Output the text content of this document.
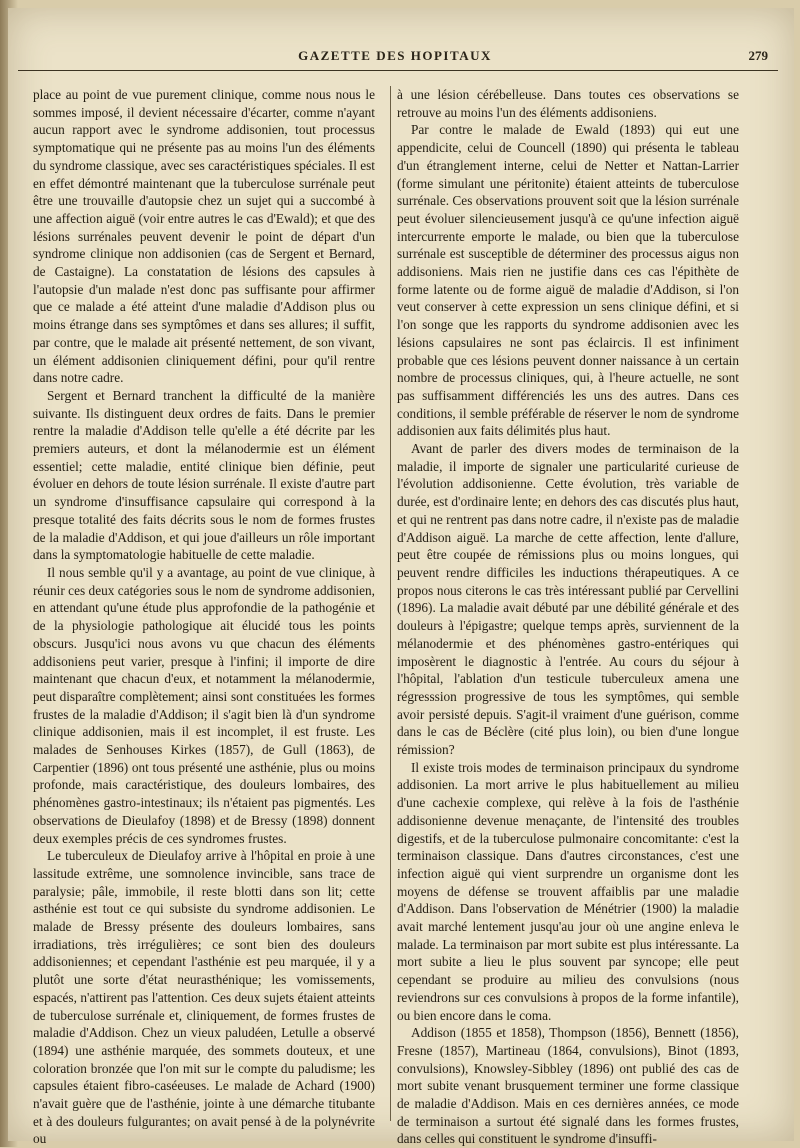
GAZETTE DES HOPITAUX	279

place au point de vue purement clinique, comme nous nous le sommes imposé, il devient nécessaire d'écarter, comme n'ayant aucun rapport avec le syndrome addisonien, tout processus symptomatique qui ne présente pas au moins l'un des éléments du syndrome classique, avec ses caractéristiques spéciales. Il est en effet démontré maintenant que la tuberculose surrénale peut être une trouvaille d'autopsie chez un sujet qui a succombé à une affection aiguë (voir entre autres le cas d'Ewald); et que des lésions surrénales peuvent devenir le point de départ d'un syndrome clinique non addisonien (cas de Sergent et Bernard, de Castaigne). La constatation de lésions des capsules à l'autopsie d'un malade n'est donc pas suffisante pour affirmer que ce malade a été atteint d'une maladie d'Addison plus ou moins étrange dans ses symptômes et dans ses allures; il suffit, par contre, que le malade ait présenté nettement, de son vivant, un élément addisonien cliniquement défini, pour qu'il rentre dans notre cadre.

Sergent et Bernard tranchent la difficulté de la manière suivante. Ils distinguent deux ordres de faits. Dans le premier rentre la maladie d'Addison telle qu'elle a été décrite par les premiers auteurs, et dont la mélanodermie est un élément essentiel; cette maladie, entité clinique bien définie, peut évoluer en dehors de toute lésion surrénale. Il existe d'autre part un syndrome d'insuffisance capsulaire qui correspond à la presque totalité des faits décrits sous le nom de formes frustes de la maladie d'Addison, et qui joue d'ailleurs un rôle important dans la symptomatologie habituelle de cette maladie.

Il nous semble qu'il y a avantage, au point de vue clinique, à réunir ces deux catégories sous le nom de syndrome addisonien, en attendant qu'une étude plus approfondie de la pathogénie et de la physiologie pathologique ait élucidé tous les points obscurs. Jusqu'ici nous avons vu que chacun des éléments addisoniens peut varier, presque à l'infini; il importe de dire maintenant que chacun d'eux, et notamment la mélanodermie, peut disparaître complètement; ainsi sont constituées les formes frustes de la maladie d'Addison; il s'agit bien là d'un syndrome clinique addisonien, mais il est incomplet, il est fruste. Les malades de Senhouses Kirkes (1857), de Gull (1863), de Carpentier (1896) ont tous présenté une asthénie, plus ou moins profonde, mais caractéristique, des douleurs lombaires, des phénomènes gastro-intestinaux; ils n'étaient pas pigmentés. Les observations de Dieulafoy (1898) et de Bressy (1898) donnent deux exemples précis de ces syndromes frustes.

Le tuberculeux de Dieulafoy arrive à l'hôpital en proie à une lassitude extrême, une somnolence invincible, sans trace de paralysie; pâle, immobile, il reste blotti dans son lit; cette asthénie est tout ce qui subsiste du syndrome addisonien. Le malade de Bressy présente des douleurs lombaires, sans irradiations, très irrégulières; ce sont bien des douleurs addisoniennes; et cependant l'asthénie est peu marquée, il y a plutôt une sorte d'état neurasthénique; les vomissements, espacés, n'attirent pas l'attention. Ces deux sujets étaient atteints de tuberculose surrénale et, cliniquement, de formes frustes de maladie d'Addison. Chez un vieux paludéen, Letulle a observé (1894) une asthénie marquée, des sommets douteux, et une coloration bronzée que l'on mit sur le compte du paludisme; les capsules étaient fibro-caséeuses. Le malade de Achard (1900) n'avait guère que de l'asthénie, jointe à une démarche titubante et à des douleurs fulgurantes; on avait pensé à de la polynévrite ou

à une lésion cérébelleuse. Dans toutes ces observations se retrouve au moins l'un des éléments addisoniens.

Par contre le malade de Ewald (1893) qui eut une appendicite, celui de Councell (1890) qui présenta le tableau d'un étranglement interne, celui de Netter et Nattan-Larrier (forme simulant une péritonite) étaient atteints de tuberculose surrénale. Ces observations prouvent soit que la lésion surrénale peut évoluer silencieusement jusqu'à ce qu'une infection aiguë intercurrente emporte le malade, ou bien que la tuberculose surrénale est susceptible de déterminer des processus aigus non addisoniens. Mais rien ne justifie dans ces cas l'épithète de forme latente ou de forme aiguë de maladie d'Addison, si l'on veut conserver à cette expression un sens clinique défini, et si l'on songe que les rapports du syndrome addisonien avec les lésions capsulaires ne sont pas éclaircis. Il est infiniment probable que ces lésions peuvent donner naissance à un certain nombre de processus cliniques, qui, à l'heure actuelle, ne sont pas suffisamment différenciés les uns des autres. Dans ces conditions, il semble préférable de réserver le nom de syndrome addisonien aux faits délimités plus haut.

Avant de parler des divers modes de terminaison de la maladie, il importe de signaler une particularité curieuse de l'évolution addisonienne. Cette évolution, très variable de durée, est d'ordinaire lente; en dehors des cas discutés plus haut, et qui ne rentrent pas dans notre cadre, il n'existe pas de maladie d'Addison aiguë. La marche de cette affection, lente d'allure, peut être coupée de rémissions plus ou moins longues, qui peuvent rendre difficiles les inductions thérapeutiques. A ce propos nous citerons le cas très intéressant publié par Cervellini (1896). La maladie avait débuté par une débilité générale et des douleurs à l'épigastre; quelque temps après, surviennent de la mélanodermie et des phénomènes gastro-entériques qui imposèrent le diagnostic à l'entrée. Au cours du séjour à l'hôpital, l'ablation d'un testicule tuberculeux amena une régresssion progressive de tous les symptômes, qui semble avoir persisté depuis. S'agit-il vraiment d'une guérison, comme dans le cas de Béclère (cité plus loin), ou bien d'une longue rémission?

Il existe trois modes de terminaison principaux du syndrome addisonien. La mort arrive le plus habituellement au milieu d'une cachexie complexe, qui relève à la fois de l'asthénie addisonienne devenue menaçante, de l'intensité des troubles digestifs, et de la tuberculose pulmonaire concomitante: c'est la terminaison classique. Dans d'autres circonstances, c'est une infection aiguë qui vient surprendre un organisme dont les moyens de défense se trouvent affaiblis par une maladie d'Addison. Dans l'observation de Ménétrier (1900) la maladie avait marché lentement jusqu'au jour où une angine enleva le malade. La terminaison par mort subite est plus intéressante. La mort subite a lieu le plus souvent par syncope; elle peut cependant se produire au milieu des convulsions (nous reviendrons sur ces convulsions à propos de la forme infantile), ou bien encore dans le coma.

Addison (1855 et 1858), Thompson (1856), Bennett (1856), Fresne (1857), Martineau (1864, convulsions), Binot (1893, convulsions), Knowsley-Sibbley (1896) ont publié des cas de mort subite venant brusquement terminer une forme classique de maladie d'Addison. Mais en ces dernières années, ce mode de terminaison a surtout été signalé dans les formes frustes, dans celles qui constituent le syndrome d'insuffi-
